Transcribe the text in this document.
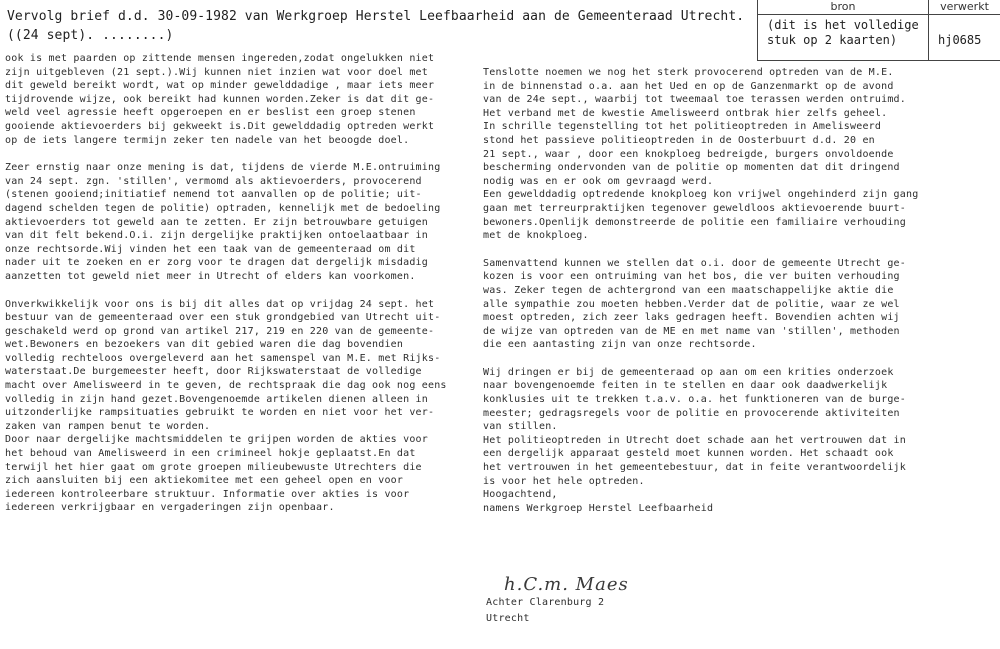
Vervolg brief d.d. 30-09-1982 van Werkgroep Herstel Leefbaarheid aan de Gemeenteraad Utrecht.
((24 sept). ........)
bron	verwerkt
(dit is het volledige
stuk op 2 kaarten)	hj0685
ook is met paarden op zittende mensen ingereden,zodat ongelukken niet
zijn uitgebleven (21 sept.).Wij kunnen niet inzien wat voor doel met
dit geweld bereikt wordt, wat op minder gewelddadige , maar iets meer
tijdrovende wijze, ook bereikt had kunnen worden.Zeker is dat dit ge-
weld veel agressie heeft opgeroepen en er beslist een groep stenen
gooiende aktievoerders bij gekweekt is.Dit gewelddadig optreden werkt
op de iets langere termijn zeker ten nadele van het beoogde doel.
Zeer ernstig naar onze mening is dat, tijdens de vierde M.E.ontruiming
van 24 sept. zgn. 'stillen', vermomd als aktievoerders, provocerend
(stenen gooiend;initiatief nemend tot aanvallen op de politie; uit-
dagend schelden tegen de politie) optraden, kennelijk met de bedoeling
aktievoerders tot geweld aan te zetten. Er zijn betrouwbare getuigen
van dit felt bekend.O.i. zijn dergelijke praktijken ontoelaatbaar in
onze rechtsorde.Wij vinden het een taak van de gemeenteraad om dit
nader uit te zoeken en er zorg voor te dragen dat dergelijk misdadig
aanzetten tot geweld niet meer in Utrecht of elders kan voorkomen.
Onverkwikkelijk voor ons is bij dit alles dat op vrijdag 24 sept. het
bestuur van de gemeenteraad over een stuk grondgebied van Utrecht uit-
geschakeld werd op grond van artikel 217, 219 en 220 van de gemeente-
wet.Bewoners en bezoekers van dit gebied waren die dag bovendien
volledig rechteloos overgeleverd aan het samenspel van M.E. met Rijks-
waterstaat.De burgemeester heeft, door Rijkswaterstaat de volledige
macht over Amelisweerd in te geven, de rechtspraak die dag ook nog eens
volledig in zijn hand gezet.Bovengenoemde artikelen dienen alleen in
uitzonderlijke rampsituaties gebruikt te worden en niet voor het ver-
zaken van rampen benut te worden.
Door naar dergelijke machtsmiddelen te grijpen worden de akties voor
het behoud van Amelisweerd in een crimineel hokje geplaatst.En dat
terwijl het hier gaat om grote groepen milieubewuste Utrechters die
zich aansluiten bij een aktiekomitee met een geheel open en voor
iedereen kontroleerbare struktuur. Informatie over akties is voor
iedereen verkrijgbaar en vergaderingen zijn openbaar.
Tenslotte noemen we nog het sterk provocerend optreden van de M.E.
in de binnenstad o.a. aan het Ued en op de Ganzenmarkt op de avond
van de 24e sept., waarbij tot tweemaal toe terassen werden ontruimd.
Het verband met de kwestie Amelisweerd ontbrak hier zelfs geheel.
In schrille tegenstelling tot het politieoptreden in Amelisweerd
stond het passieve politieoptreden in de Oosterbuurt d.d. 20 en
21 sept., waar , door een knokploeg bedreigde, burgers onvoldoende
bescherming ondervonden van de politie op momenten dat dit dringend
nodig was en er ook om gevraagd werd.
Een gewelddadig optredende knokploeg kon vrijwel ongehinderd zijn gang
gaan met terreurpraktijken tegenover geweldloos aktievoerende buurt-
bewoners.Openlijk demonstreerde de politie een familiaire verhouding
met de knokploeg.
Samenvattend kunnen we stellen dat o.i. door de gemeente Utrecht ge-
kozen is voor een ontruiming van het bos, die ver buiten verhouding
was. Zeker tegen de achtergrond van een maatschappelijke aktie die
alle sympathie zou moeten hebben.Verder dat de politie, waar ze wel
moest optreden, zich zeer laks gedragen heeft. Bovendien achten wij
de wijze van optreden van de ME en met name van 'stillen', methoden
die een aantasting zijn van onze rechtsorde.
Wij dringen er bij de gemeenteraad op aan om een krities onderzoek
naar bovengenoemde feiten in te stellen en daar ook daadwerkelijk
konklusies uit te trekken t.a.v. o.a. het funktioneren van de burge-
meester; gedragsregels voor de politie en provocerende aktiviteiten
van stillen.
Het politieoptreden in Utrecht doet schade aan het vertrouwen dat in
een dergelijk apparaat gesteld moet kunnen worden. Het schaadt ook
het vertrouwen in het gemeentebestuur, dat in feite verantwoordelijk
is voor het hele optreden.
Hoogachtend,
namens Werkgroep Herstel Leefbaarheid
h.C.m. Maes
Achter Clarenburg 2
Utrecht
